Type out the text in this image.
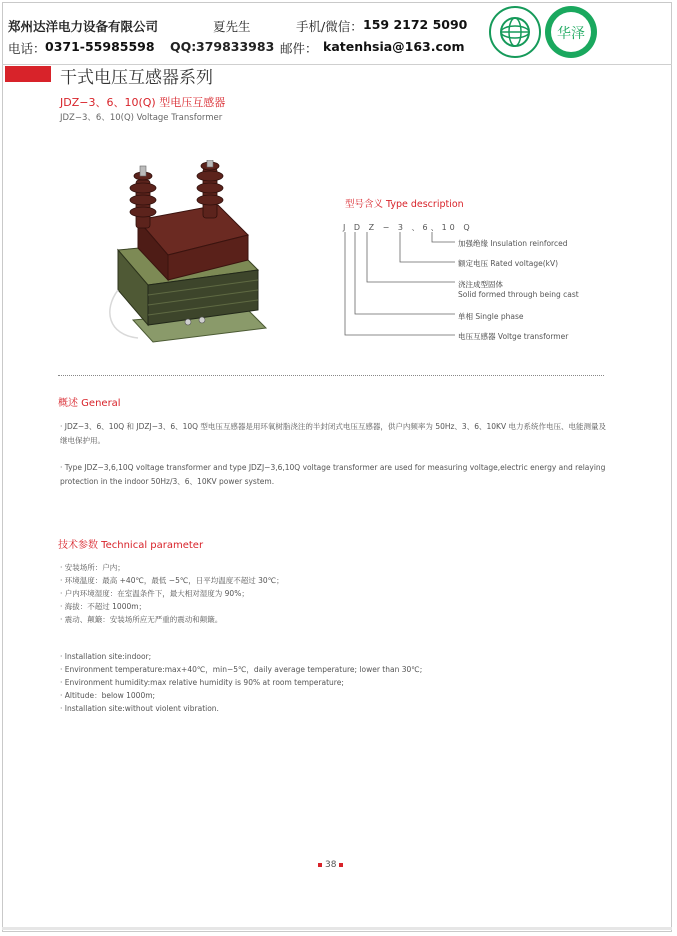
郑州达洋电力设备有限公司	夏先生	手机/微信： 159 2172 5090
电话： 0371-55985598 QQ: 379833983 邮件： katenhsia@163.com
华泽
干式电压互感器系列
JDZ−3、6、10(Q) 型电压互感器
JDZ−3、6、10(Q) Voltage Transformer
型号含义 Type description
J D Z − 3 、6、10 Q
加强绝缘 Insulation reinforced
额定电压 Rated voltage(kV)
浇注成型固体
Solid formed through being cast
单相 Single phase
电压互感器 Voltge transformer
概述 General
· JDZ−3、6、10Q 和 JDZJ−3、6、10Q 型电压互感器是用环氧树脂浇注的半封闭式电压互感器，供户内频率为 50Hz、3、6、10KV 电力系统作电压、电能测量及继电保护用。
· Type JDZ−3,6,10Q voltage transformer and type JDZJ−3,6,10Q voltage transformer are used for measuring voltage,electric energy and relaying protection in the indoor 50Hz/3、6、10KV power system.
技术参数 Technical parameter
· 安装场所：户内；
· 环境温度：最高 +40℃，最低 −5℃，日平均温度不超过 30℃；
· 户内环境湿度：在室温条件下，最大相对湿度为 90%；
· 海拔：不超过 1000m；
· 震动、颠簸：安装场所应无严重的震动和颠簸。
· Installation site:indoor;
· Environment temperature:max+40℃，min−5℃，daily average temperature; lower than 30℃;
· Environment humidity:max relative humidity is 90% at room temperature;
· Altitude：below 1000m;
· Installation site:without violent vibration.
38
